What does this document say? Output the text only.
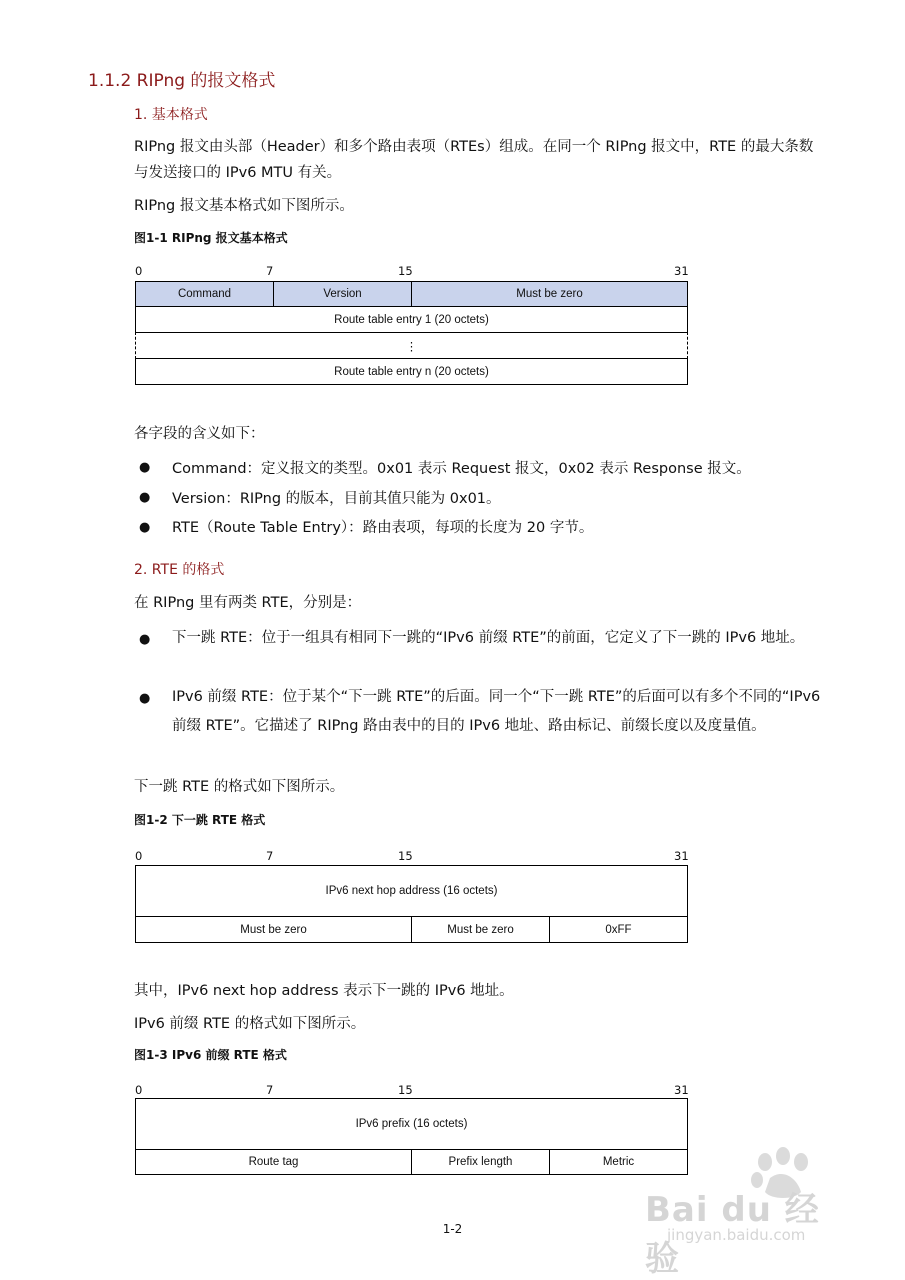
1.1.2 RIPng 的报文格式
1. 基本格式
RIPng 报文由头部（Header）和多个路由表项（RTEs）组成。在同一个 RIPng 报文中，RTE 的最大条数与发送接口的 IPv6 MTU 有关。
RIPng 报文基本格式如下图所示。
图1-1 RIPng 报文基本格式
0	7	15	31
Command	Version	Must be zero
Route table entry 1 (20 octets)
⋮
Route table entry n (20 octets)
各字段的含义如下：
● Command：定义报文的类型。0x01 表示 Request 报文，0x02 表示 Response 报文。
● Version：RIPng 的版本，目前其值只能为 0x01。
● RTE（Route Table Entry）：路由表项，每项的长度为 20 字节。
2. RTE 的格式
在 RIPng 里有两类 RTE，分别是：
● 下一跳 RTE：位于一组具有相同下一跳的“IPv6 前缀 RTE”的前面，它定义了下一跳的 IPv6 地址。
● IPv6 前缀 RTE：位于某个“下一跳 RTE”的后面。同一个“下一跳 RTE”的后面可以有多个不同的“IPv6 前缀 RTE”。它描述了 RIPng 路由表中的目的 IPv6 地址、路由标记、前缀长度以及度量值。
下一跳 RTE 的格式如下图所示。
图1-2 下一跳 RTE 格式
0	7	15	31
IPv6 next hop address (16 octets)
Must be zero	Must be zero	0xFF
其中，IPv6 next hop address 表示下一跳的 IPv6 地址。
IPv6 前缀 RTE 的格式如下图所示。
图1-3 IPv6 前缀 RTE 格式
0	7	15	31
IPv6 prefix (16 octets)
Route tag	Prefix length	Metric
1-2	Bai du 经验
jingyan.baidu.com
